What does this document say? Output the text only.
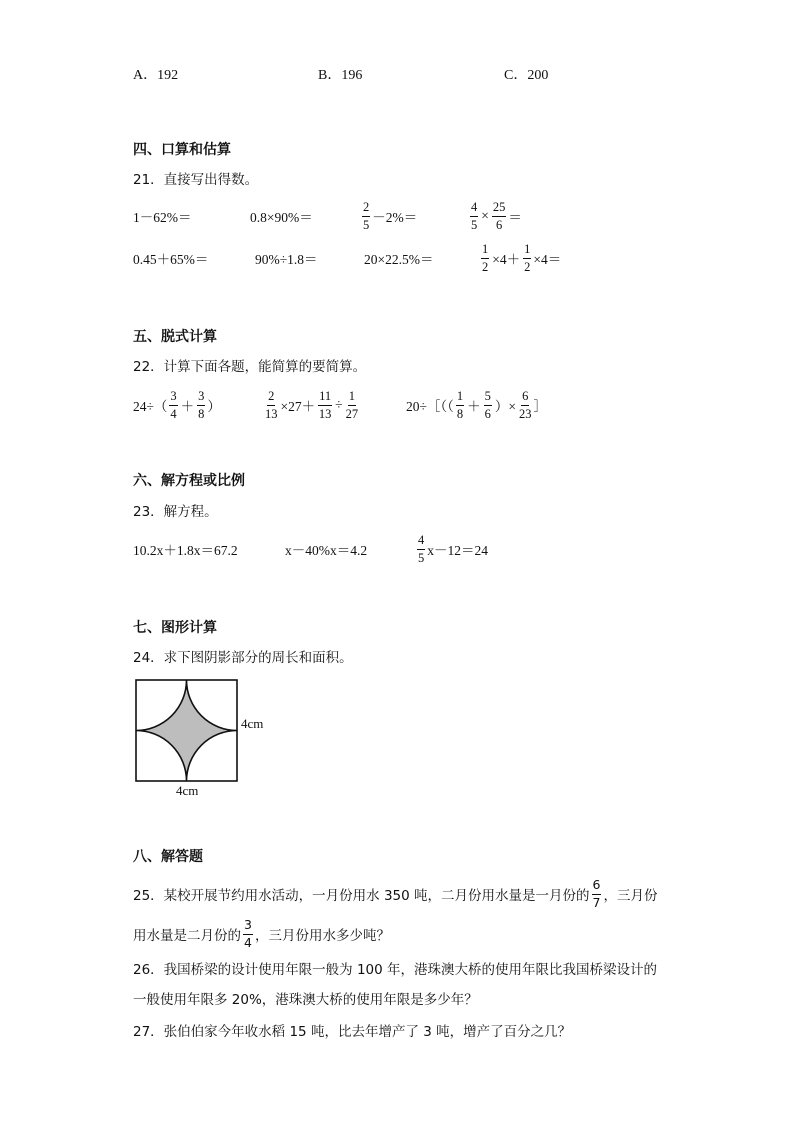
A．192	B．196	C．200
四、口算和估算
21．直接写出得数。
1－62%＝	0.8×90%＝	$\frac{2}{5} -2\%=$	$\frac{4}{5} \times \frac{25}{6}$ ＝
0.45＋65%＝	90%÷1.8＝	20×22.5%＝	$\frac{1}{2} \times 4+ \frac{1}{2} \times 4=$
五、脱式计算
22．计算下面各题，能简算的要简算。
$24\div( \frac{3}{4} + \frac{3}{8}$ ）	$\frac{2}{13} \times 27+ \frac{11}{13} \div \frac{1}{27}$	20÷［（（ $\frac{1}{8} + \frac{5}{6}$ ）× $\frac{6}{23}$ ］
六、解方程或比例
23．解方程。
10.2x＋1.8x＝67.2	x－40%x＝4.2	$\frac{4}{5} x-12=24$
七、图形计算
24．求下图阴影部分的周长和面积。
4cm
4cm
八、解答题
25．某校开展节约用水活动，一月份用水 350 吨，二月份用水量是一月份的 $\frac{6}{7}$ ，三月份
用水量是二月份的 $\frac{3}{4}$ ，三月份用水多少吨？
26．我国桥梁的设计使用年限一般为 100 年，港珠澳大桥的使用年限比我国桥梁设计的
一般使用年限多 20%，港珠澳大桥的使用年限是多少年？
27．张伯伯家今年收水稻 15 吨，比去年增产了 3 吨，增产了百分之几？
